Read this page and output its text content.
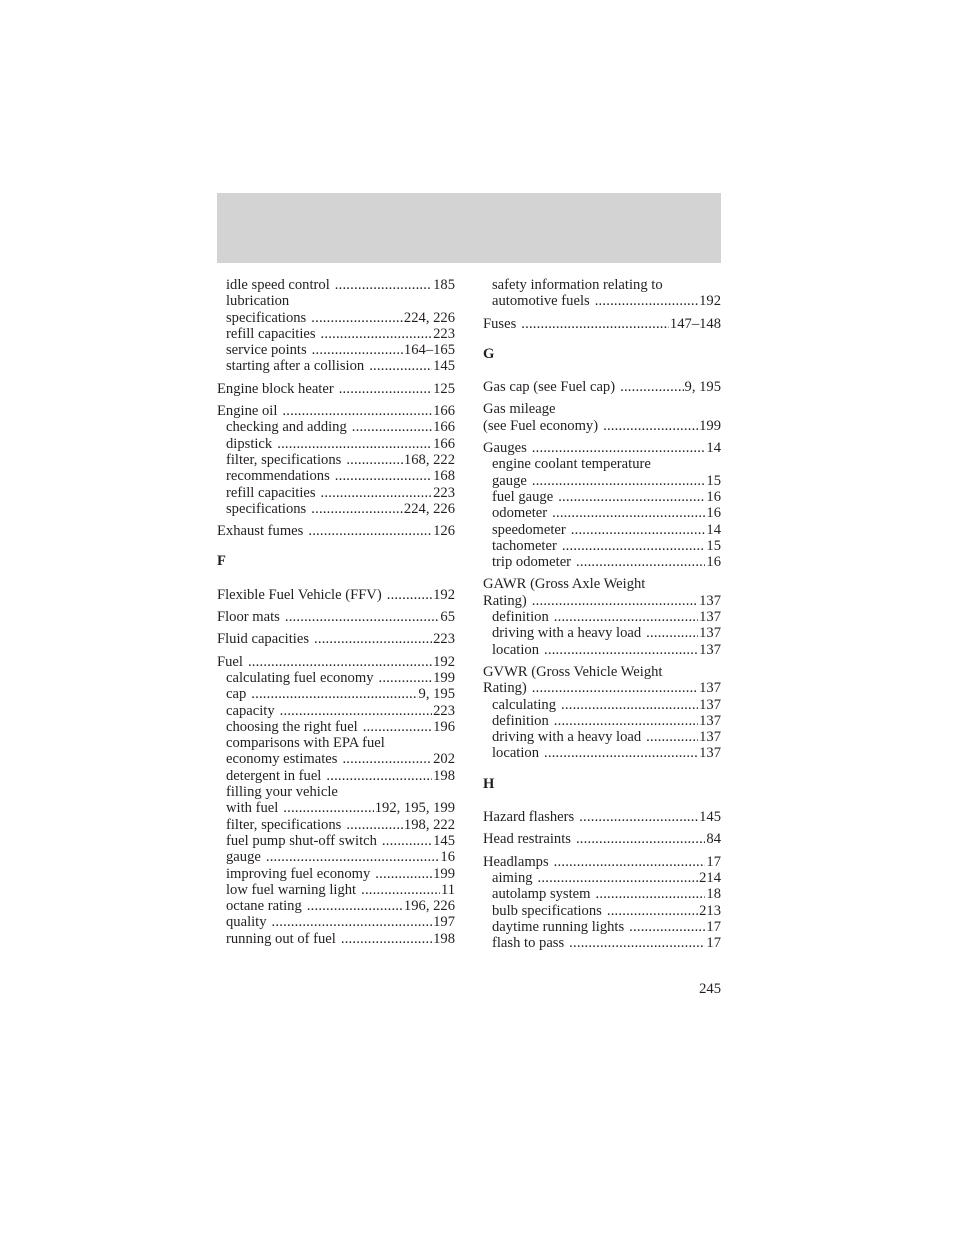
idle speed control .....	185
lubrication
specifications .....	224, 226
refill capacities .....	223
service points .....	164–165
starting after a collision .....	145
Engine block heater .....	125
Engine oil .....	166
checking and adding .....	166
dipstick .....	166
filter, specifications .....	168, 222
recommendations .....	168
refill capacities .....	223
specifications .....	224, 226
Exhaust fumes .....	126
F
Flexible Fuel Vehicle (FFV) .....	192
Floor mats .....	65
Fluid capacities .....	223
Fuel .....	192
calculating fuel economy .....	199
cap .....	9, 195
capacity .....	223
choosing the right fuel .....	196
comparisons with EPA fuel
economy estimates .....	202
detergent in fuel .....	198
filling your vehicle
with fuel .....	192, 195, 199
filter, specifications .....	198, 222
fuel pump shut-off switch .....	145
gauge .....	16
improving fuel economy .....	199
low fuel warning light .....	11
octane rating .....	196, 226
quality .....	197
running out of fuel .....	198
safety information relating to
automotive fuels .....	192
Fuses .....	147–148
G
Gas cap (see Fuel cap) .....	9, 195
Gas mileage
(see Fuel economy) .....	199
Gauges .....	14
engine coolant temperature
gauge .....	15
fuel gauge .....	16
odometer .....	16
speedometer .....	14
tachometer .....	15
trip odometer .....	16
GAWR (Gross Axle Weight
Rating) .....	137
definition .....	137
driving with a heavy load .....	137
location .....	137
GVWR (Gross Vehicle Weight
Rating) .....	137
calculating .....	137
definition .....	137
driving with a heavy load .....	137
location .....	137
H
Hazard flashers .....	145
Head restraints .....	84
Headlamps .....	17
aiming .....	214
autolamp system .....	18
bulb specifications .....	213
daytime running lights .....	17
flash to pass .....	17
245
